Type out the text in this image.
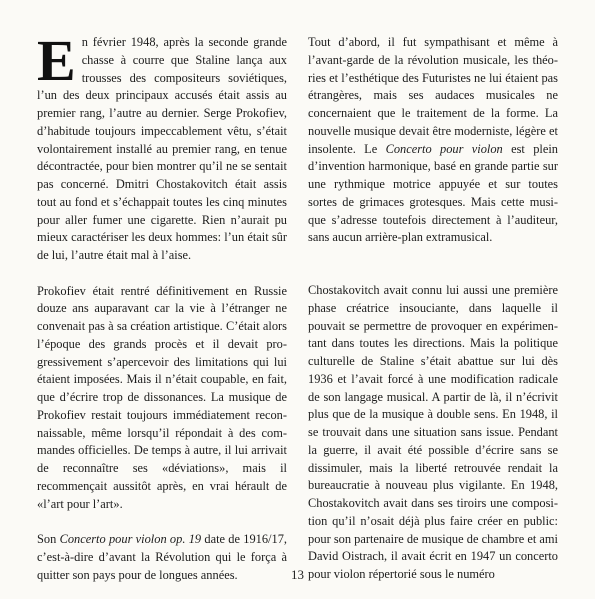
En février 1948, après la seconde grande chasse à courre que Staline lança aux trousses des compositeurs soviétiques, l’un des deux principaux accusés était assis au premier rang, l’autre au dernier. Serge Prokofiev, d’habitude toujours impeccablement vêtu, s’était volontairement installé au premier rang, en tenue décontractée, pour bien montrer qu’il ne se sentait pas concerné. Dmitri Chostakovitch était assis tout au fond et s’échappait toutes les cinq minutes pour aller fumer une cigarette. Rien n’aurait pu mieux caractériser les deux hommes: l’un était sûr de lui, l’autre était mal à l’aise.

Prokofiev était rentré définitivement en Russie douze ans auparavant car la vie à l’étranger ne convenait pas à sa création artistique. C’était alors l’époque des grands procès et il devait progressivement s’apercevoir des limitations qui lui étaient imposées. Mais il n’était coupable, en fait, que d’écrire trop de dissonances. La musique de Prokofiev restait toujours immédiatement reconnaissable, même lorsqu’il répondait à des commandes officielles. De temps à autre, il lui arrivait de reconnaître ses «déviations», mais il recommençait aussitôt après, en vrai hérault de «l’art pour l’art».

Son Concerto pour violon op. 19 date de 1916/17, c’est-à-dire d’avant la Révolution qui le força à quitter son pays pour de longues années.

Tout d’abord, il fut sympathisant et même à l’avant-garde de la révolution musicale, les théories et l’esthétique des Futuristes ne lui étaient pas étrangères, mais ses audaces musicales ne concernaient que le traitement de la forme. La nouvelle musique devait être moderniste, légère et insolente. Le Concerto pour violon est plein d’invention harmonique, basé en grande partie sur une rythmique motrice appuyée et sur toutes sortes de grimaces grotesques. Mais cette musique s’adresse toutefois directement à l’auditeur, sans aucun arrière-plan extramusical.

Chostakovitch avait connu lui aussi une première phase créatrice insouciante, dans laquelle il pouvait se permettre de provoquer en expérimentant dans toutes les directions. Mais la politique culturelle de Staline s’était abattue sur lui dès 1936 et l’avait forcé à une modification radicale de son langage musical. A partir de là, il n’écrivit plus que de la musique à double sens. En 1948, il se trouvait dans une situation sans issue. Pendant la guerre, il avait été possible d’écrire sans se dissimuler, mais la liberté retrouvée rendait la bureaucratie à nouveau plus vigilante. En 1948, Chostakovitch avait dans ses tiroirs une composition qu’il n’osait déjà plus faire créer en public: pour son partenaire de musique de chambre et ami David Oistrach, il avait écrit en 1947 un concerto pour violon répertorié sous le numéro

13
